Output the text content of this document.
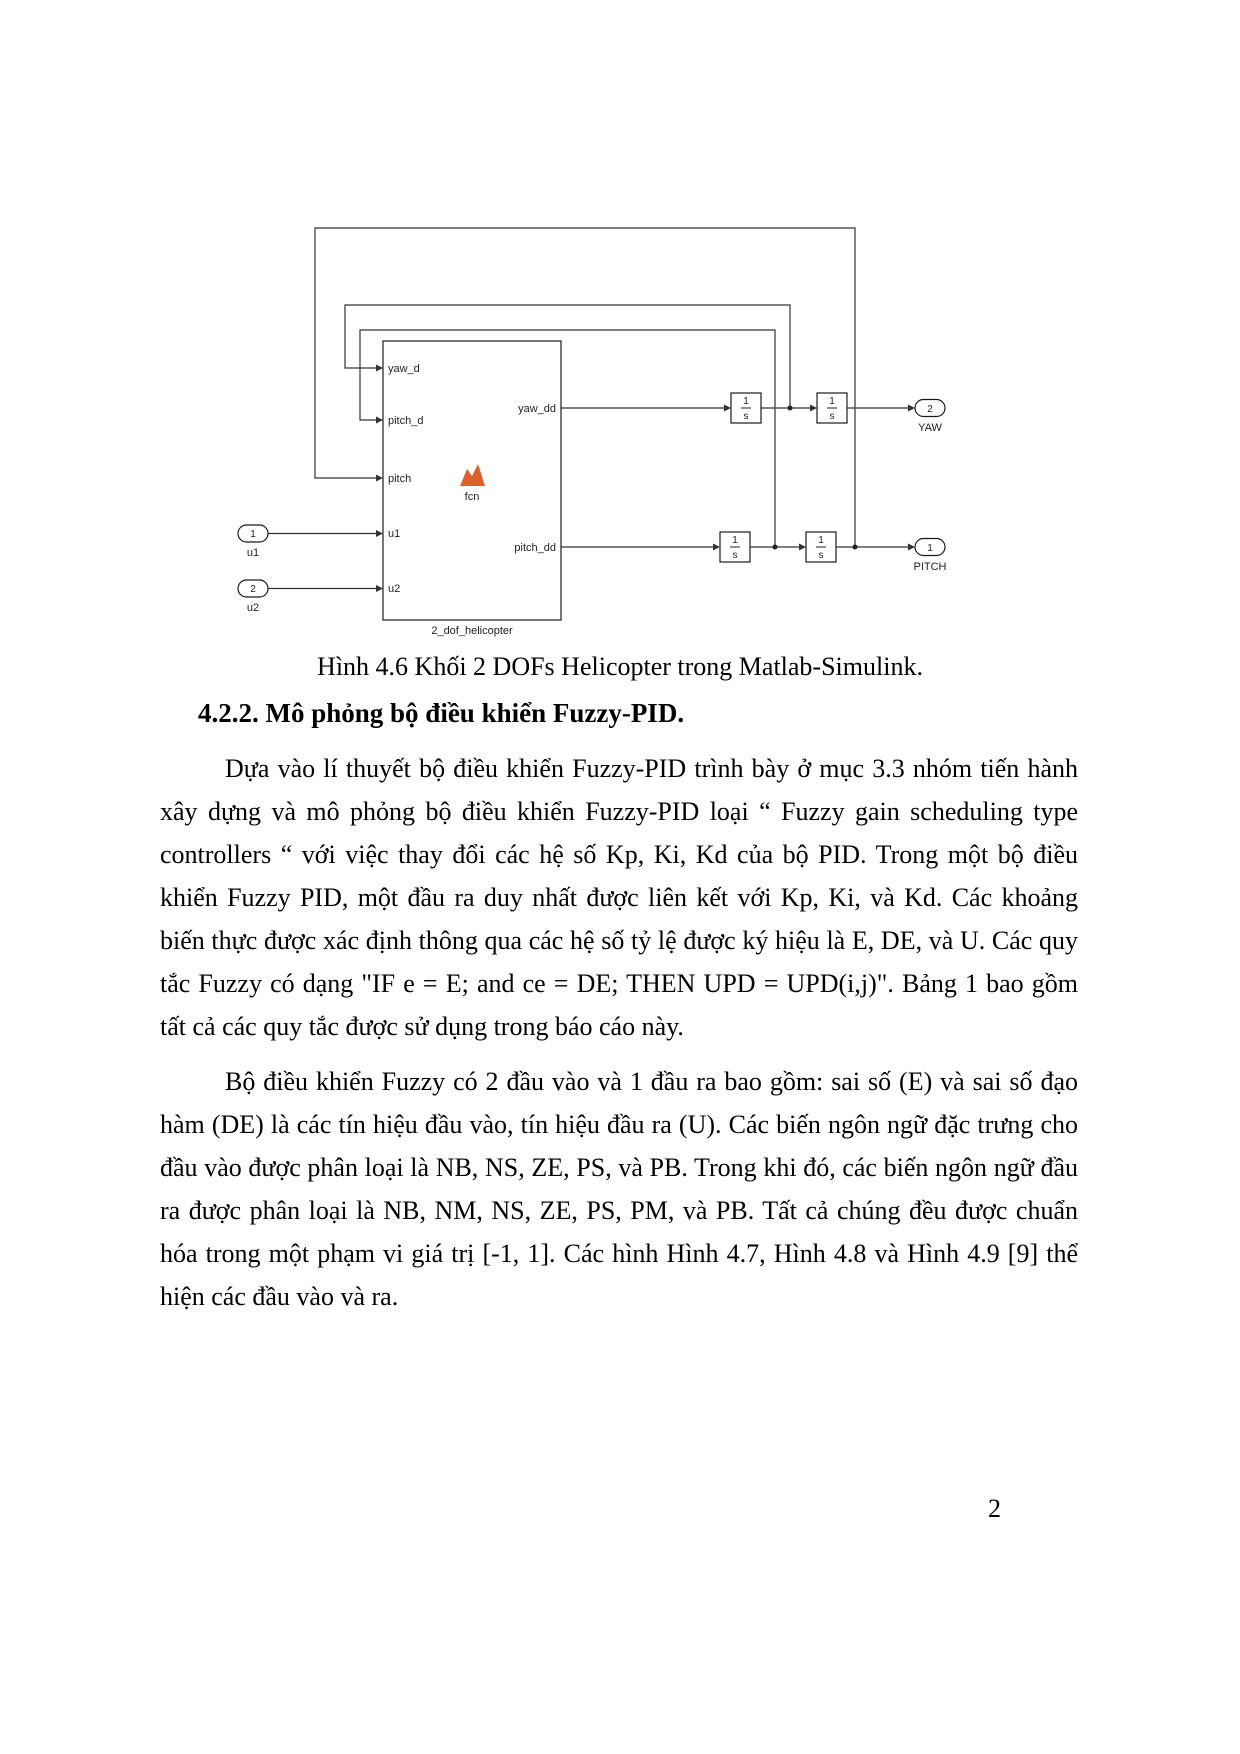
yaw_d
pitch_d
pitch
u1
u2
yaw_dd
pitch_dd
fcn
2_dof_helicopter
1
s
1
s
1
s
1
s
1
u1
2
u2
2
YAW
1
PITCH
Hình 4.6 Khối 2 DOFs Helicopter trong Matlab-Simulink.
4.2.2. Mô phỏng bộ điều khiển Fuzzy-PID.

Dựa vào lí thuyết bộ điều khiển Fuzzy-PID trình bày ở mục 3.3 nhóm tiến hành xây dựng và mô phỏng bộ điều khiển Fuzzy-PID loại “ Fuzzy gain scheduling type controllers “ với việc thay đổi các hệ số Kp, Ki, Kd của bộ PID. Trong một bộ điều khiển Fuzzy PID, một đầu ra duy nhất được liên kết với Kp, Ki, và Kd. Các khoảng biến thực được xác định thông qua các hệ số tỷ lệ được ký hiệu là E, DE, và U. Các quy tắc Fuzzy có dạng "IF e = E; and ce = DE; THEN UPD = UPD(i,j)". Bảng 1 bao gồm tất cả các quy tắc được sử dụng trong báo cáo này.

Bộ điều khiển Fuzzy có 2 đầu vào và 1 đầu ra bao gồm: sai số (E) và sai số đạo hàm (DE) là các tín hiệu đầu vào, tín hiệu đầu ra (U). Các biến ngôn ngữ đặc trưng cho đầu vào được phân loại là NB, NS, ZE, PS, và PB. Trong khi đó, các biến ngôn ngữ đầu ra được phân loại là NB, NM, NS, ZE, PS, PM, và PB. Tất cả chúng đều được chuẩn hóa trong một phạm vi giá trị [-1, 1]. Các hình Hình 4.7, Hình 4.8 và Hình 4.9 [9] thể hiện các đầu vào và ra.

2
